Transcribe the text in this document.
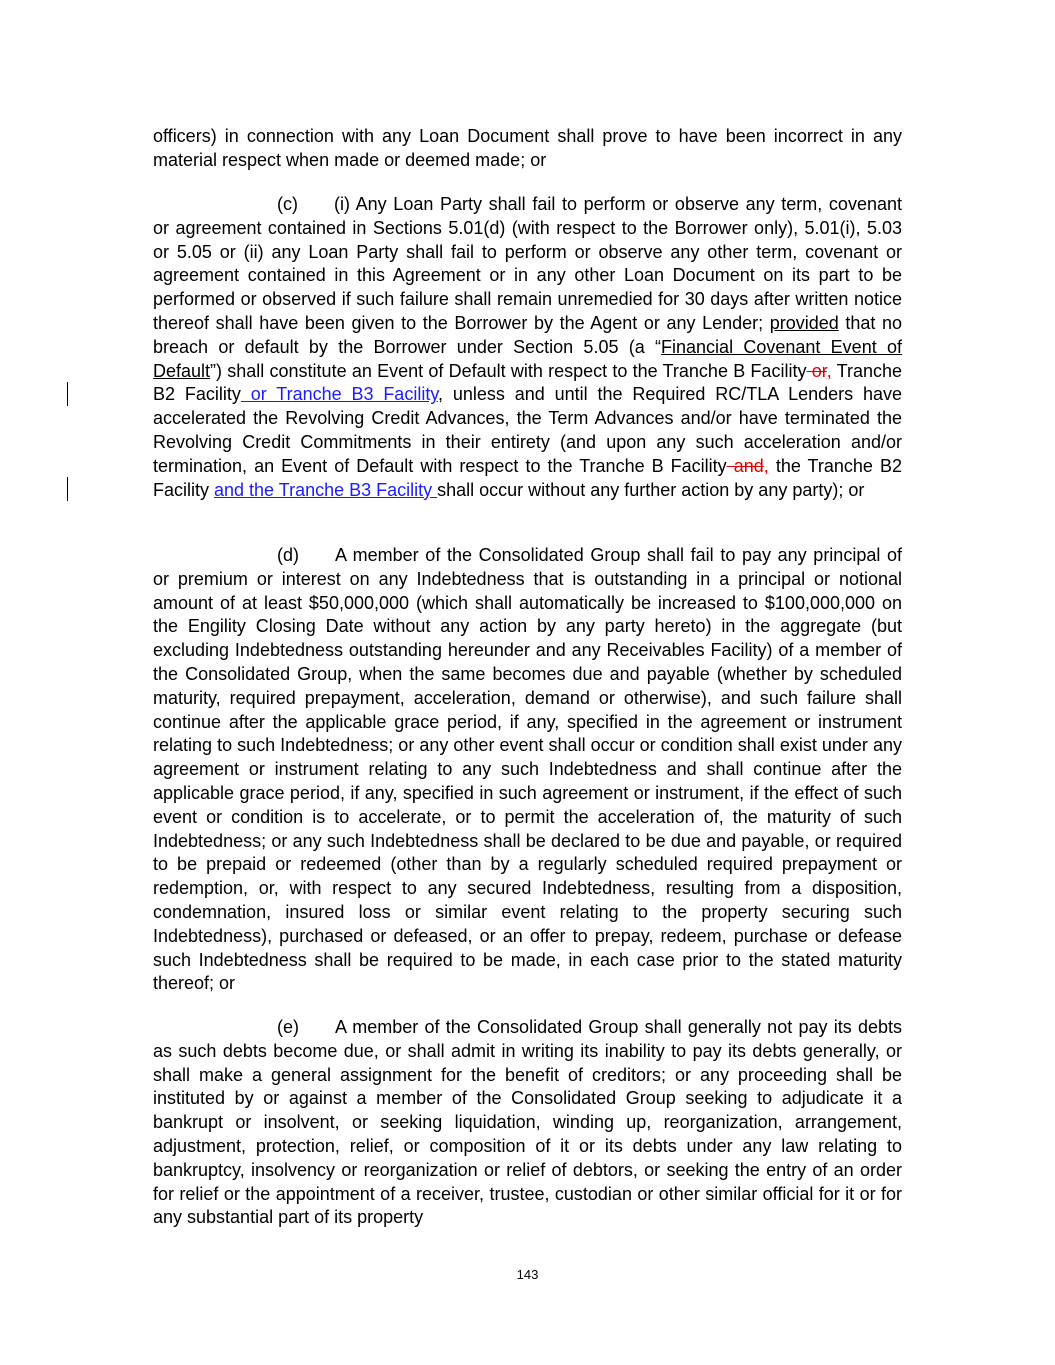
officers) in connection with any Loan Document shall prove to have been incorrect in any material respect when made or deemed made; or
(c) (i) Any Loan Party shall fail to perform or observe any term, covenant or agreement contained in Sections 5.01(d) (with respect to the Borrower only), 5.01(i), 5.03 or 5.05 or (ii) any Loan Party shall fail to perform or observe any other term, covenant or agreement contained in this Agreement or in any other Loan Document on its part to be performed or observed if such failure shall remain unremedied for 30 days after written notice thereof shall have been given to the Borrower by the Agent or any Lender; provided that no breach or default by the Borrower under Section 5.05 (a “Financial Covenant Event of Default”) shall constitute an Event of Default with respect to the Tranche B Facility or, Tranche B2 Facility or Tranche B3 Facility, unless and until the Required RC/TLA Lenders have accelerated the Revolving Credit Advances, the Term Advances and/or have terminated the Revolving Credit Commitments in their entirety (and upon any such acceleration and/or termination, an Event of Default with respect to the Tranche B Facility and, the Tranche B2 Facility and the Tranche B3 Facility shall occur without any further action by any party); or
(d) A member of the Consolidated Group shall fail to pay any principal of or premium or interest on any Indebtedness that is outstanding in a principal or notional amount of at least $50,000,000 (which shall automatically be increased to $100,000,000 on the Engility Closing Date without any action by any party hereto) in the aggregate (but excluding Indebtedness outstanding hereunder and any Receivables Facility) of a member of the Consolidated Group, when the same becomes due and payable (whether by scheduled maturity, required prepayment, acceleration, demand or otherwise), and such failure shall continue after the applicable grace period, if any, specified in the agreement or instrument relating to such Indebtedness; or any other event shall occur or condition shall exist under any agreement or instrument relating to any such Indebtedness and shall continue after the applicable grace period, if any, specified in such agreement or instrument, if the effect of such event or condition is to accelerate, or to permit the acceleration of, the maturity of such Indebtedness; or any such Indebtedness shall be declared to be due and payable, or required to be prepaid or redeemed (other than by a regularly scheduled required prepayment or redemption, or, with respect to any secured Indebtedness, resulting from a disposition, condemnation, insured loss or similar event relating to the property securing such Indebtedness), purchased or defeased, or an offer to prepay, redeem, purchase or defease such Indebtedness shall be required to be made, in each case prior to the stated maturity thereof; or
(e) A member of the Consolidated Group shall generally not pay its debts as such debts become due, or shall admit in writing its inability to pay its debts generally, or shall make a general assignment for the benefit of creditors; or any proceeding shall be instituted by or against a member of the Consolidated Group seeking to adjudicate it a bankrupt or insolvent, or seeking liquidation, winding up, reorganization, arrangement, adjustment, protection, relief, or composition of it or its debts under any law relating to bankruptcy, insolvency or reorganization or relief of debtors, or seeking the entry of an order for relief or the appointment of a receiver, trustee, custodian or other similar official for it or for any substantial part of its property
143
